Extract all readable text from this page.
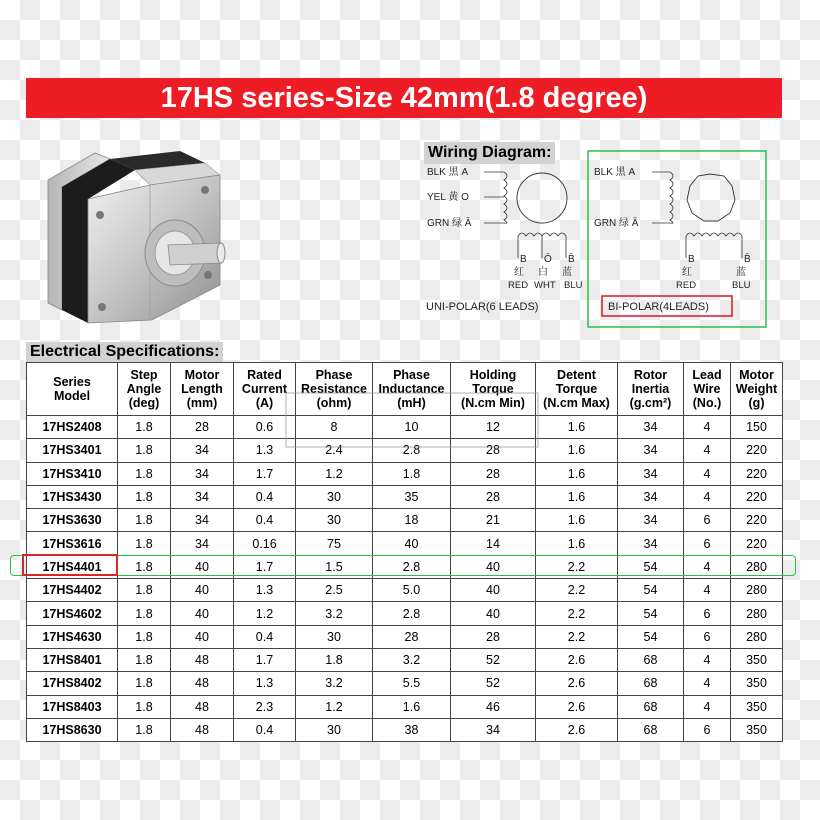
17HS series-Size 42mm(1.8 degree)
Wiring Diagram:
BLK 黑 A
YEL 黄 O
GRN 绿 Ā
B Ō B̄
红 白 蓝
RED WHT BLU
UNI-POLAR(6 LEADS)
BLK 黑 A
GRN 绿 Ā
B	B̄
红	蓝
RED	BLU
BI-POLAR(4LEADS)
Electrical Specifications:
Series
Model	Step
Angle
(deg)	Motor
Length
(mm)	Rated
Current
(A)	Phase
Resistance
(ohm)	Phase
Inductance
(mH)	Holding
Torque
(N.cm Min)	Detent
Torque
(N.cm Max)	Rotor
Inertia
(g.cm²)	Lead
Wire
(No.)	Motor
Weight
(g)
17HS2408	1.8	28	0.6	8	10	12	1.6	34	4	150
17HS3401	1.8	34	1.3	2.4	2.8	28	1.6	34	4	220
17HS3410	1.8	34	1.7	1.2	1.8	28	1.6	34	4	220
17HS3430	1.8	34	0.4	30	35	28	1.6	34	4	220
17HS3630	1.8	34	0.4	30	18	21	1.6	34	6	220
17HS3616	1.8	34	0.16	75	40	14	1.6	34	6	220
17HS4401	1.8	40	1.7	1.5	2.8	40	2.2	54	4	280
17HS4402	1.8	40	1.3	2.5	5.0	40	2.2	54	4	280
17HS4602	1.8	40	1.2	3.2	2.8	40	2.2	54	6	280
17HS4630	1.8	40	0.4	30	28	28	2.2	54	6	280
17HS8401	1.8	48	1.7	1.8	3.2	52	2.6	68	4	350
17HS8402	1.8	48	1.3	3.2	5.5	52	2.6	68	4	350
17HS8403	1.8	48	2.3	1.2	1.6	46	2.6	68	4	350
17HS8630	1.8	48	0.4	30	38	34	2.6	68	6	350
